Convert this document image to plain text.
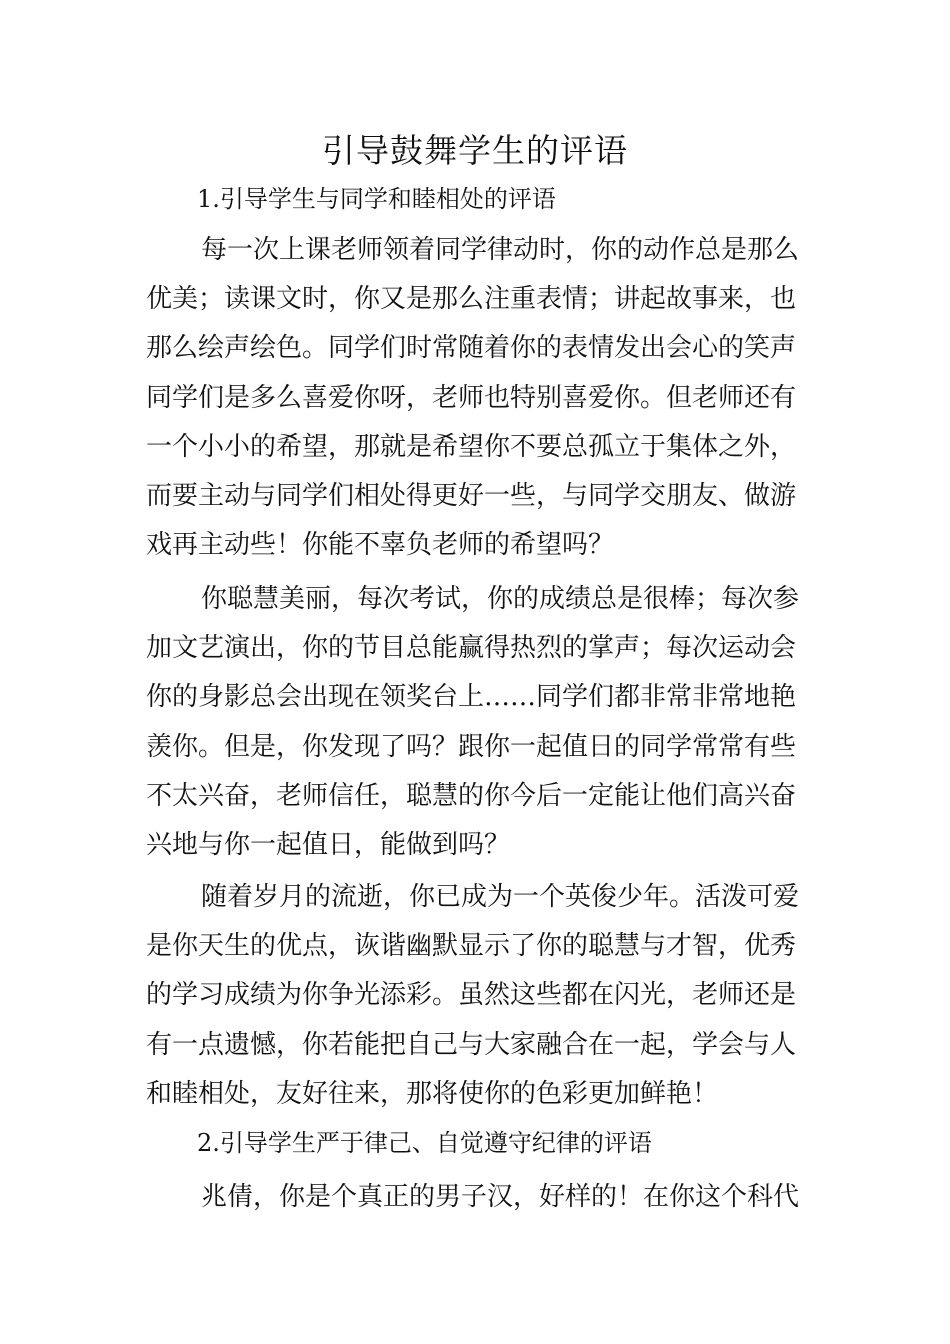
引导鼓舞学生的评语
1.引导学生与同学和睦相处的评语
每一次上课老师领着同学律动时，你的动作总是那么
优美；读课文时，你又是那么注重表情；讲起故事来，也
那么绘声绘色。同学们时常随着你的表情发出会心的笑声
同学们是多么喜爱你呀，老师也特别喜爱你。但老师还有
一个小小的希望，那就是希望你不要总孤立于集体之外，
而要主动与同学们相处得更好一些，与同学交朋友、做游
戏再主动些！你能不辜负老师的希望吗？
你聪慧美丽，每次考试，你的成绩总是很棒；每次参
加文艺演出，你的节目总能赢得热烈的掌声；每次运动会
你的身影总会出现在领奖台上……同学们都非常非常地艳
羡你。但是，你发现了吗？跟你一起值日的同学常常有些
不太兴奋，老师信任，聪慧的你今后一定能让他们高兴奋
兴地与你一起值日，能做到吗？
随着岁月的流逝，你已成为一个英俊少年。活泼可爱
是你天生的优点，诙谐幽默显示了你的聪慧与才智，优秀
的学习成绩为你争光添彩。虽然这些都在闪光，老师还是
有一点遗憾，你若能把自己与大家融合在一起，学会与人
和睦相处，友好往来，那将使你的色彩更加鲜艳！
2.引导学生严于律己、自觉遵守纪律的评语
兆倩，你是个真正的男子汉，好样的！在你这个科代
